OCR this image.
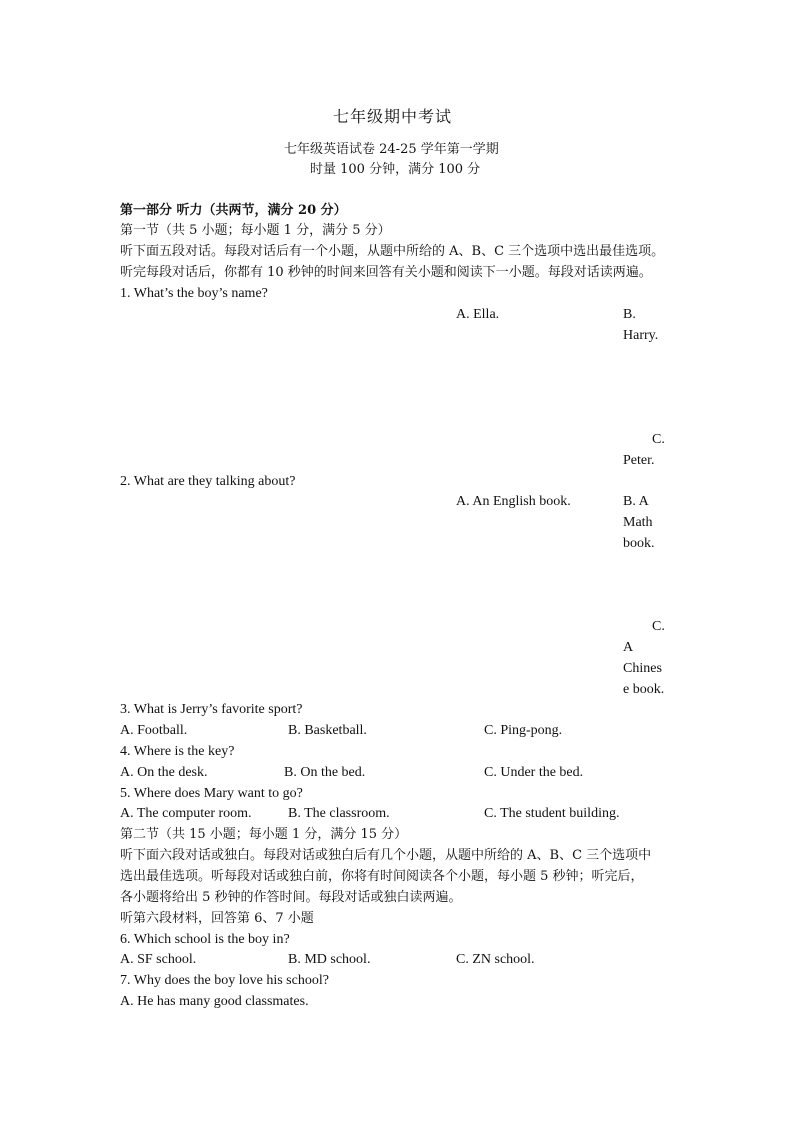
七年级期中考试
七年级英语试卷 24-25 学年第一学期
时量 100 分钟，满分 100 分
第一部分 听力（共两节，满分 20 分）
第一节（共 5 小题；每小题 1 分，满分 5 分）
听下面五段对话。每段对话后有一个小题，从题中所给的 A、B、C 三个选项中选出最佳选项。
听完每段对话后，你都有 10 秒钟的时间来回答有关小题和阅读下一小题。每段对话读两遍。
1. What’s the boy’s name?
A. Ella.	B.
Harry.
C.
Peter.
2. What are they talking about?
A. An English book.	B. A
Math
book.
C.
A
Chines
e book.
3. What is Jerry’s favorite sport?
A. Football.	B. Basketball.	C. Ping-pong.
4. Where is the key?
A. On the desk.	B. On the bed.	C. Under the bed.
5. Where does Mary want to go?
A. The computer room.	B. The classroom.	C. The student building.
第二节（共 15 小题；每小题 1 分，满分 15 分）
听下面六段对话或独白。每段对话或独白后有几个小题，从题中所给的 A、B、C 三个选项中
选出最佳选项。听每段对话或独白前，你将有时间阅读各个小题，每小题 5 秒钟；听完后，
各小题将给出 5 秒钟的作答时间。每段对话或独白读两遍。
听第六段材料，回答第 6、7 小题
6. Which school is the boy in?
A. SF school.	B. MD school.	C. ZN school.
7. Why does the boy love his school?
A. He has many good classmates.
